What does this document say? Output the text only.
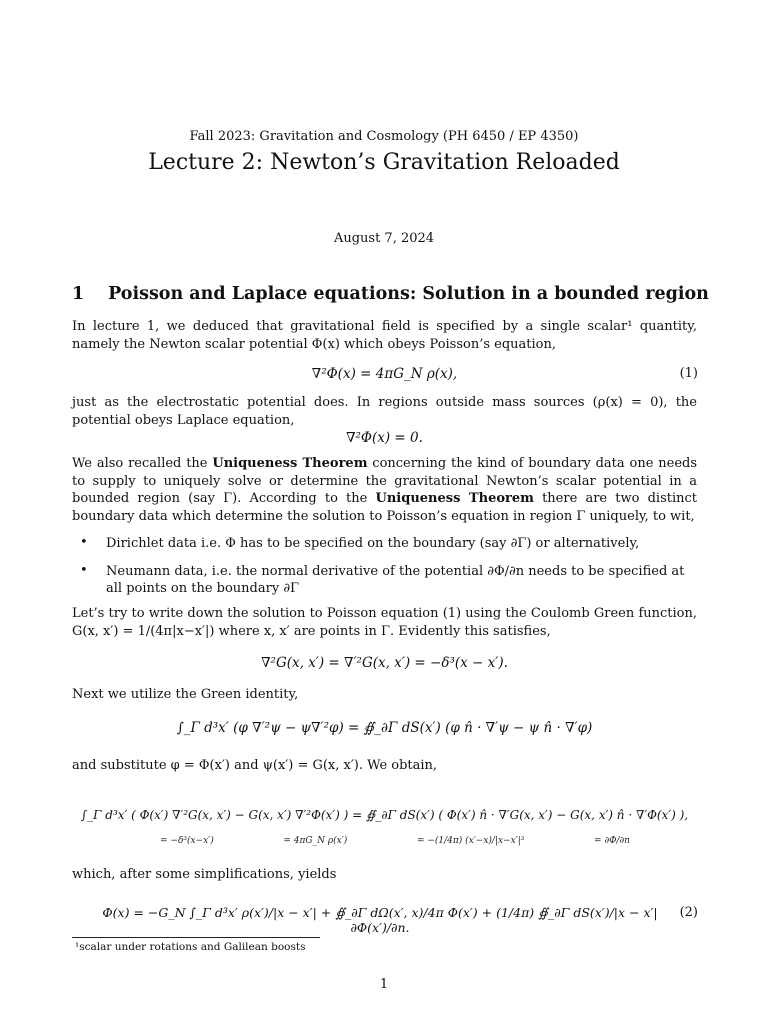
Fall 2023: Gravitation and Cosmology (PH 6450 / EP 4350)
Lecture 2: Newton’s Gravitation Reloaded
August 7, 2024
1 Poisson and Laplace equations: Solution in a bounded region
In lecture 1, we deduced that gravitational field is specified by a single scalar¹ quantity, namely the Newton scalar potential Φ(x) which obeys Poisson’s equation,
∇²Φ(x) = 4πG_N ρ(x),	(1)
just as the electrostatic potential does. In regions outside mass sources (ρ(x) = 0), the potential obeys Laplace equation,
∇²Φ(x) = 0.
We also recalled the Uniqueness Theorem concerning the kind of boundary data one needs to supply to uniquely solve or determine the gravitational Newton’s scalar potential in a bounded region (say Γ). According to the Uniqueness Theorem there are two distinct boundary data which determine the solution to Poisson’s equation in region Γ uniquely, to wit,
• Dirichlet data i.e. Φ has to be specified on the boundary (say ∂Γ) or alternatively,
• Neumann data, i.e. the normal derivative of the potential ∂Φ/∂n needs to be specified at all points on the boundary ∂Γ
Let’s try to write down the solution to Poisson equation (1) using the Coulomb Green function, G(x, x′) = 1/(4π|x−x′|) where x, x′ are points in Γ. Evidently this satisfies,
∇²G(x, x′) = ∇′²G(x, x′) = −δ³(x − x′).
Next we utilize the Green identity,
∫_Γ d³x′ (φ ∇′²ψ − ψ∇′²φ) = ∯_∂Γ dS(x′) (φ n̂ · ∇′ψ − ψ n̂ · ∇′φ)
and substitute φ = Φ(x′) and ψ(x′) = G(x, x′). We obtain,
∫_Γ d³x′ ( Φ(x′) ∇′²G(x, x′) − G(x, x′) ∇′²Φ(x′) ) = ∯_∂Γ dS(x′) ( Φ(x′) n̂ · ∇′G(x, x′) − G(x, x′) n̂ · ∇′Φ(x′) ),
= −δ³(x−x′)	= 4πG_N ρ(x′)	= −(1/4π) (x′−x)/|x−x′|³	= ∂Φ/∂n
which, after some simplifications, yields
Φ(x) = −G_N ∫_Γ d³x′ ρ(x′)/|x − x′| + ∯_∂Γ dΩ(x′, x)/4π Φ(x′) + (1/4π) ∯_∂Γ dS(x′)/|x − x′| ∂Φ(x′)/∂n.
(2)
¹scalar under rotations and Galilean boosts
1
